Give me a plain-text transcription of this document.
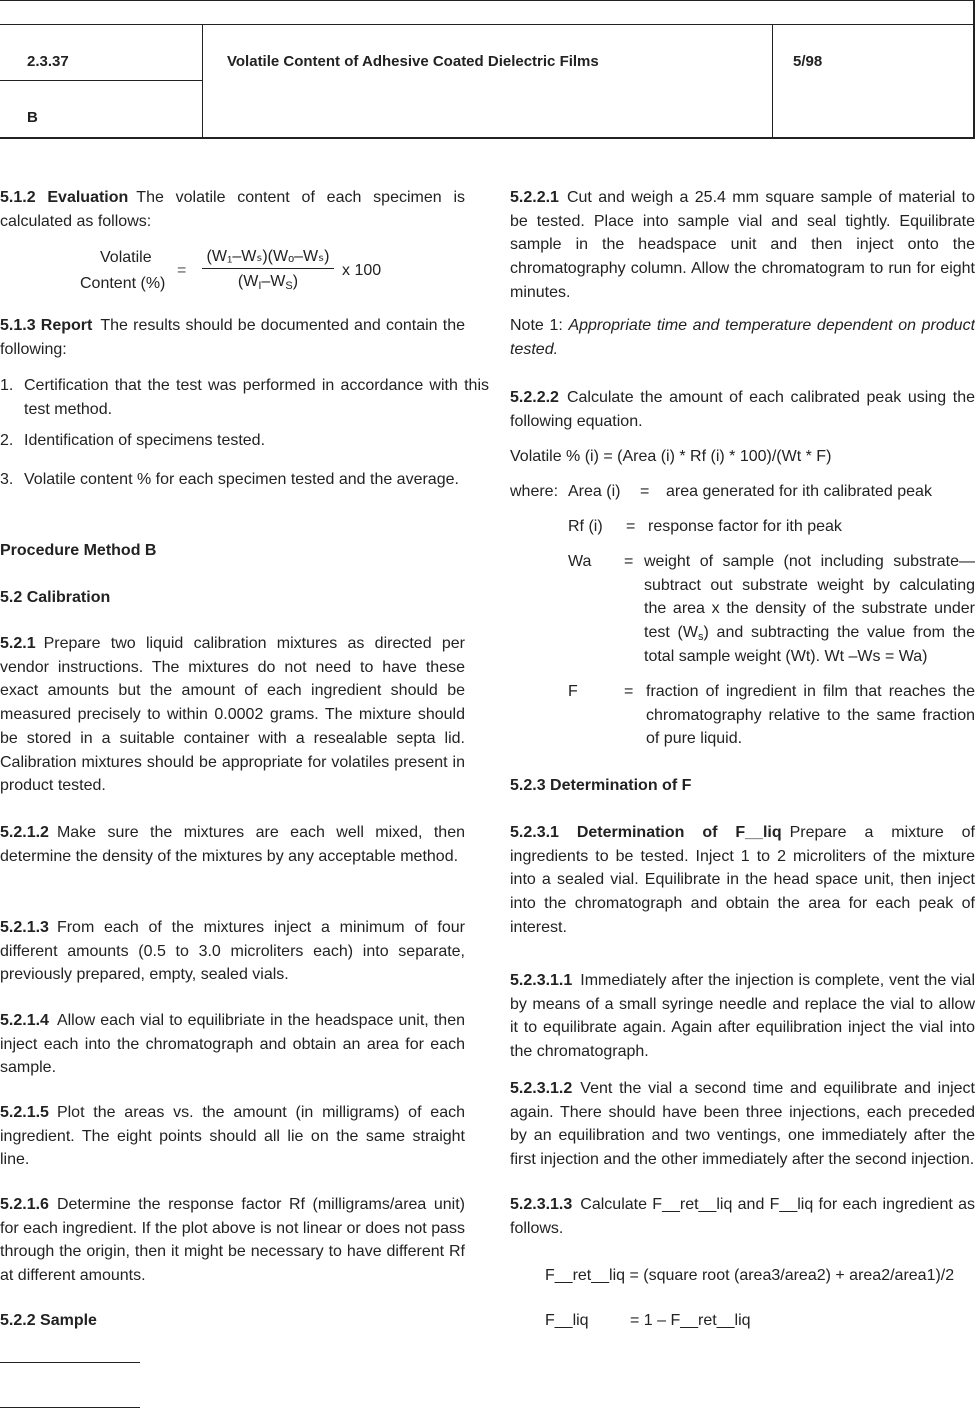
2.3.37	Volatile Content of Adhesive Coated Dielectric Films	5/98
B
5.1.2 Evaluation The volatile content of each specimen is calculated as follows:
Volatile
Content (%)
=
(W₁–Wₛ)(Wₒ–Wₛ)
$(W_I-W_S)$
x 100
5.1.3 Report The results should be documented and contain the following:
1. Certification that the test was performed in accordance with this test method.
2. Identification of specimens tested.
3. Volatile content % for each specimen tested and the average.
Procedure Method B
5.2 Calibration
5.2.1 Prepare two liquid calibration mixtures as directed per vendor instructions. The mixtures do not need to have these exact amounts but the amount of each ingredient should be measured precisely to within 0.0002 grams. The mixture should be stored in a suitable container with a resealable septa lid. Calibration mixtures should be appropriate for volatiles present in product tested.
5.2.1.2 Make sure the mixtures are each well mixed, then determine the density of the mixtures by any acceptable method.
5.2.1.3 From each of the mixtures inject a minimum of four different amounts (0.5 to 3.0 microliters each) into separate, previously prepared, empty, sealed vials.
5.2.1.4 Allow each vial to equilibriate in the headspace unit, then inject each into the chromatograph and obtain an area for each sample.
5.2.1.5 Plot the areas vs. the amount (in milligrams) of each ingredient. The eight points should all lie on the same straight line.
5.2.1.6 Determine the response factor Rf (milligrams/area unit) for each ingredient. If the plot above is not linear or does not pass through the origin, then it might be necessary to have different Rf at different amounts.
5.2.2 Sample
5.2.2.1 Cut and weigh a 25.4 mm square sample of material to be tested. Place into sample vial and seal tightly. Equilibrate sample in the headspace unit and then inject onto the chromatography column. Allow the chromatogram to run for eight minutes.
Note 1: Appropriate time and temperature dependent on product tested.
5.2.2.2 Calculate the amount of each calibrated peak using the following equation.
Volatile % (i) = (Area (i) * Rf (i) * 100)/(Wt * F)
where: Area (i)	=	area generated for ith calibrated peak
Rf (i)	= response factor for ith peak
Wa	= weight of sample (not including substrate—subtract out substrate weight by calculating the area x the density of the substrate under test $(W_s)$ and subtracting the value from the total sample weight (Wt). Wt –Ws = Wa)
F	= fraction of ingredient in film that reaches the chromatography relative to the same fraction of pure liquid.
5.2.3 Determination of F
5.2.3.1 Determination of F__liq Prepare a mixture of ingredients to be tested. Inject 1 to 2 microliters of the mixture into a sealed vial. Equilibrate in the head space unit, then inject into the chromatograph and obtain the area for each peak of interest.
5.2.3.1.1 Immediately after the injection is complete, vent the vial by means of a small syringe needle and replace the vial to allow it to equilibrate again. Again after equilibration inject the vial into the chromatograph.
5.2.3.1.2 Vent the vial a second time and equilibrate and inject again. There should have been three injections, each preceded by an equilibration and two ventings, one immediately after the first injection and the other immediately after the second injection.
5.2.3.1.3 Calculate F__ret__liq and F__liq for each ingredient as follows.
F__ret__liq = (square root (area3/area2) + area2/area1)/2
F__liq	= 1 – F__ret__liq
